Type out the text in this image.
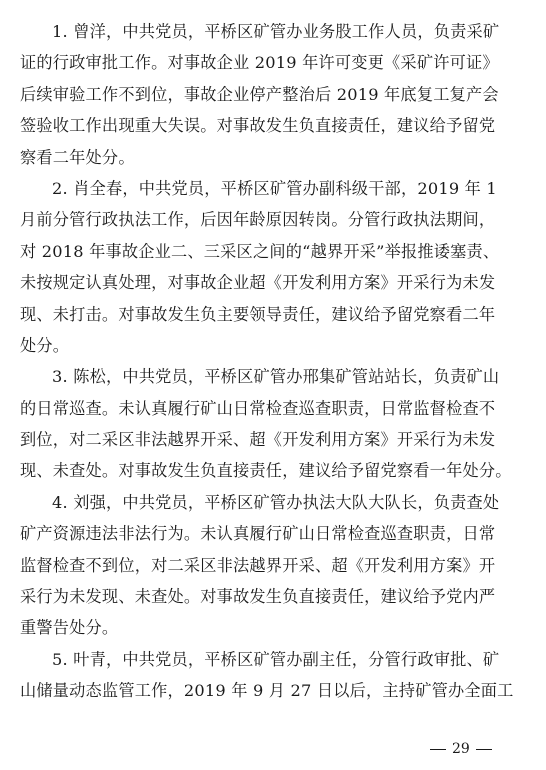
1. 曾洋，中共党员，平桥区矿管办业务股工作人员，负责采矿
证的行政审批工作。对事故企业 2019 年许可变更《采矿许可证》
后续审验工作不到位，事故企业停产整治后 2019 年底复工复产会
签验收工作出现重大失误。对事故发生负直接责任，建议给予留党
察看二年处分。
2. 肖全春，中共党员，平桥区矿管办副科级干部，2019 年 1
月前分管行政执法工作，后因年龄原因转岗。分管行政执法期间，
对 2018 年事故企业二、三采区之间的“越界开采”举报推诿塞责、
未按规定认真处理，对事故企业超《开发利用方案》开采行为未发
现、未打击。对事故发生负主要领导责任，建议给予留党察看二年
处分。
3. 陈松，中共党员，平桥区矿管办邢集矿管站站长，负责矿山
的日常巡查。未认真履行矿山日常检查巡查职责，日常监督检查不
到位，对二采区非法越界开采、超《开发利用方案》开采行为未发
现、未查处。对事故发生负直接责任，建议给予留党察看一年处分。
4. 刘强，中共党员，平桥区矿管办执法大队大队长，负责查处
矿产资源违法非法行为。未认真履行矿山日常检查巡查职责，日常
监督检查不到位，对二采区非法越界开采、超《开发利用方案》开
采行为未发现、未查处。对事故发生负直接责任，建议给予党内严
重警告处分。
5. 叶青，中共党员，平桥区矿管办副主任，分管行政审批、矿
山储量动态监管工作，2019 年 9 月 27 日以后，主持矿管办全面工
29
